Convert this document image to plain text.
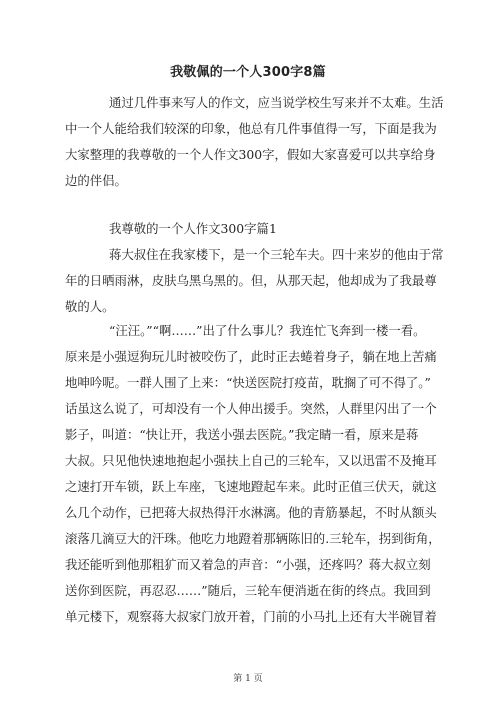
我敬佩的一个人300字8篇
通过几件事来写人的作文，应当说学校生写来并不太难。生活
中一个人能给我们较深的印象，他总有几件事值得一写，下面是我为
大家整理的我尊敬的一个人作文300字，假如大家喜爱可以共享给身
边的伴侣。
我尊敬的一个人作文300字篇1
蒋大叔住在我家楼下，是一个三轮车夫。四十来岁的他由于常
年的日晒雨淋，皮肤乌黑乌黑的。但，从那天起，他却成为了我最尊
敬的人。
“汪汪。”“啊……”出了什么事儿？我连忙飞奔到一楼一看。
原来是小强逗狗玩儿时被咬伤了，此时正去蜷着身子，躺在地上苦痛
地呻吟呢。一群人围了上来：“快送医院打疫苗，耽搁了可不得了。”
话虽这么说了，可却没有一个人伸出援手。突然，人群里闪出了一个
影子，叫道：“快让开，我送小强去医院。”我定睛一看，原来是蒋
大叔。只见他快速地抱起小强扶上自己的三轮车，又以迅雷不及掩耳
之速打开车锁，跃上车座，飞速地蹬起车来。此时正值三伏天，就这
么几个动作，已把蒋大叔热得汗水淋漓。他的青筋暴起，不时从额头
滚落几滴豆大的汗珠。他吃力地蹬着那辆陈旧的.三轮车，拐到街角，
我还能听到他那粗犷而又着急的声音：“小强，还疼吗？蒋大叔立刻
送你到医院，再忍忍……”随后，三轮车便消逝在街的终点。我回到
单元楼下，观察蒋大叔家门放开着，门前的小马扎上还有大半碗冒着
第 1 页
